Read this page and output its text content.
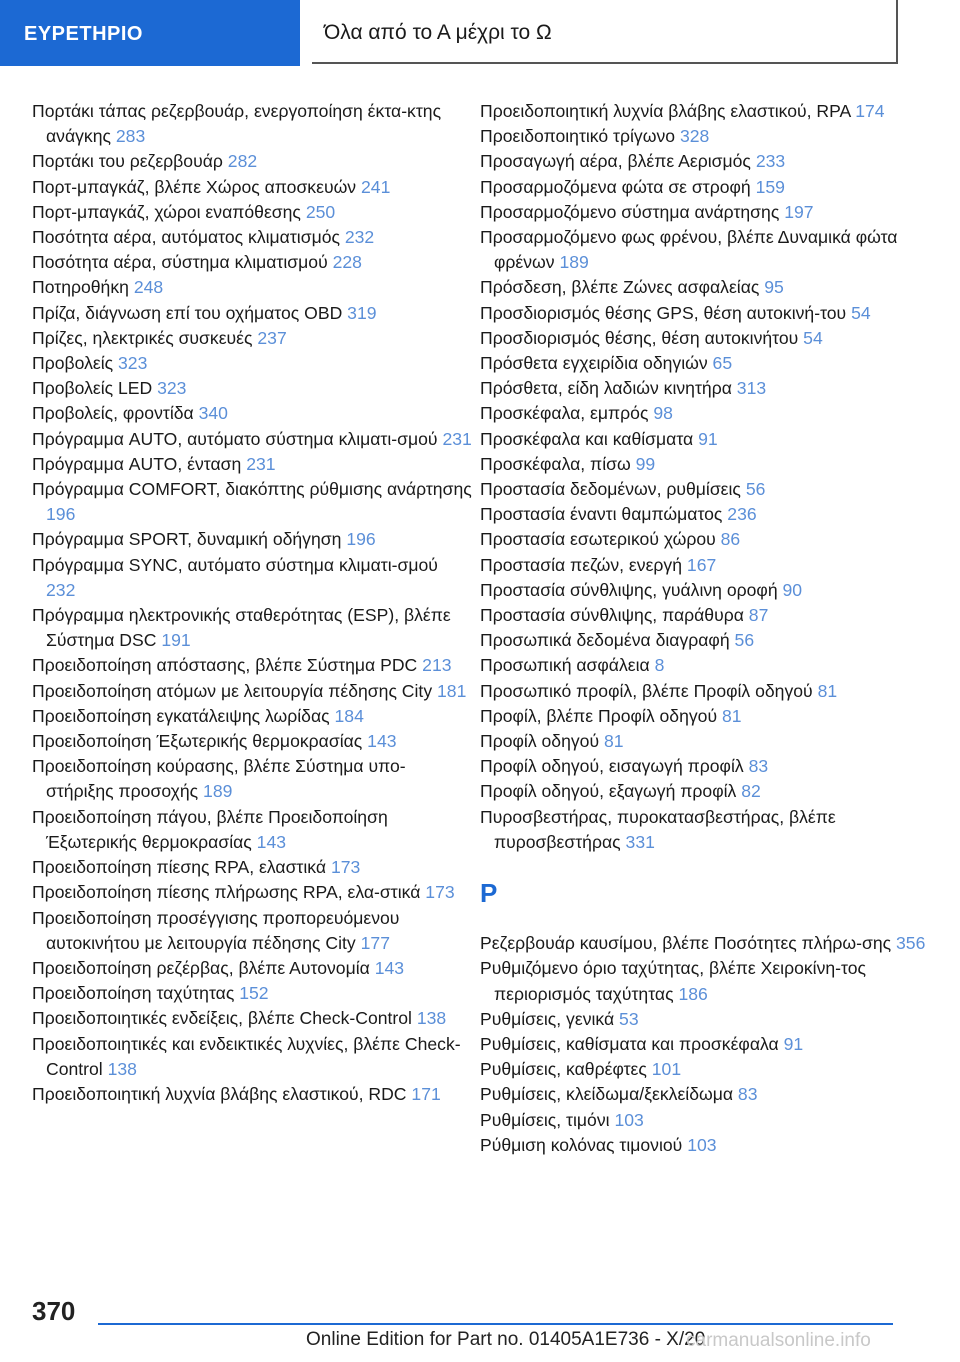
ΕΥΡΕΤΗΡΙΟ	Όλα από το Α μέχρι το Ω
Πορτάκι τάπας ρεζερβουάρ, ενεργοποίηση έκτα-κτης ανάγκης 283
Πορτάκι του ρεζερβουάρ 282
Πορτ-μπαγκάζ, βλέπε Χώρος αποσκευών 241
Πορτ-μπαγκάζ, χώροι εναπόθεσης 250
Ποσότητα αέρα, αυτόματος κλιματισμός 232
Ποσότητα αέρα, σύστημα κλιματισμού 228
Ποτηροθήκη 248
Πρίζα, διάγνωση επί του οχήματος OBD 319
Πρίζες, ηλεκτρικές συσκευές 237
Προβολείς 323
Προβολείς LED 323
Προβολείς, φροντίδα 340
Πρόγραμμα AUTO, αυτόματο σύστημα κλιματι-σμού 231
Πρόγραμμα AUTO, ένταση 231
Πρόγραμμα COMFORT, διακόπτης ρύθμισης ανάρτησης 196
Πρόγραμμα SPORT, δυναμική οδήγηση 196
Πρόγραμμα SYNC, αυτόματο σύστημα κλιματι-σμού 232
Πρόγραμμα ηλεκτρονικής σταθερότητας (ESP), βλέπε Σύστημα DSC 191
Προειδοποίηση απόστασης, βλέπε Σύστημα PDC 213
Προειδοποίηση ατόμων με λειτουργία πέδησης City 181
Προειδοποίηση εγκατάλειψης λωρίδας 184
Προειδοποίηση Έξωτερικής θερμοκρασίας 143
Προειδοποίηση κούρασης, βλέπε Σύστημα υπο-στήριξης προσοχής 189
Προειδοποίηση πάγου, βλέπε Προειδοποίηση Έξωτερικής θερμοκρασίας 143
Προειδοποίηση πίεσης RPA, ελαστικά 173
Προειδοποίηση πίεσης πλήρωσης RPA, ελα-στικά 173
Προειδοποίηση προσέγγισης προπορευόμενου αυτοκινήτου με λειτουργία πέδησης City 177
Προειδοποίηση ρεζέρβας, βλέπε Αυτονομία 143
Προειδοποίηση ταχύτητας 152
Προειδοποιητικές ενδείξεις, βλέπε Check-Control 138
Προειδοποιητικές και ενδεικτικές λυχνίες, βλέπε Check-Control 138
Προειδοποιητική λυχνία βλάβης ελαστικού, RDC 171
Προειδοποιητική λυχνία βλάβης ελαστικού, RPA 174
Προειδοποιητικό τρίγωνο 328
Προσαγωγή αέρα, βλέπε Αερισμός 233
Προσαρμοζόμενα φώτα σε στροφή 159
Προσαρμοζόμενο σύστημα ανάρτησης 197
Προσαρμοζόμενο φως φρένου, βλέπε Δυναμικά φώτα φρένων 189
Πρόσδεση, βλέπε Ζώνες ασφαλείας 95
Προσδιορισμός θέσης GPS, θέση αυτοκινή-του 54
Προσδιορισμός θέσης, θέση αυτοκινήτου 54
Πρόσθετα εγχειρίδια οδηγιών 65
Πρόσθετα, είδη λαδιών κινητήρα 313
Προσκέφαλα, εμπρός 98
Προσκέφαλα και καθίσματα 91
Προσκέφαλα, πίσω 99
Προστασία δεδομένων, ρυθμίσεις 56
Προστασία έναντι θαμπώματος 236
Προστασία εσωτερικού χώρου 86
Προστασία πεζών, ενεργή 167
Προστασία σύνθλιψης, γυάλινη οροφή 90
Προστασία σύνθλιψης, παράθυρα 87
Προσωπικά δεδομένα διαγραφή 56
Προσωπική ασφάλεια 8
Προσωπικό προφίλ, βλέπε Προφίλ οδηγού 81
Προφίλ, βλέπε Προφίλ οδηγού 81
Προφίλ οδηγού 81
Προφίλ οδηγού, εισαγωγή προφίλ 83
Προφίλ οδηγού, εξαγωγή προφίλ 82
Πυροσβεστήρας, πυροκατασβεστήρας, βλέπε πυροσβεστήρας 331
Ρ
Ρεζερβουάρ καυσίμου, βλέπε Ποσότητες πλήρω-σης 356
Ρυθμιζόμενο όριο ταχύτητας, βλέπε Χειροκίνη-τος περιορισμός ταχύτητας 186
Ρυθμίσεις, γενικά 53
Ρυθμίσεις, καθίσματα και προσκέφαλα 91
Ρυθμίσεις, καθρέφτες 101
Ρυθμίσεις, κλείδωμα/ξεκλείδωμα 83
Ρυθμίσεις, τιμόνι 103
Ρύθμιση κολόνας τιμονιού 103
370
Online Edition for Part no. 01405A1E736 - X/20
carmanualsonline.info
